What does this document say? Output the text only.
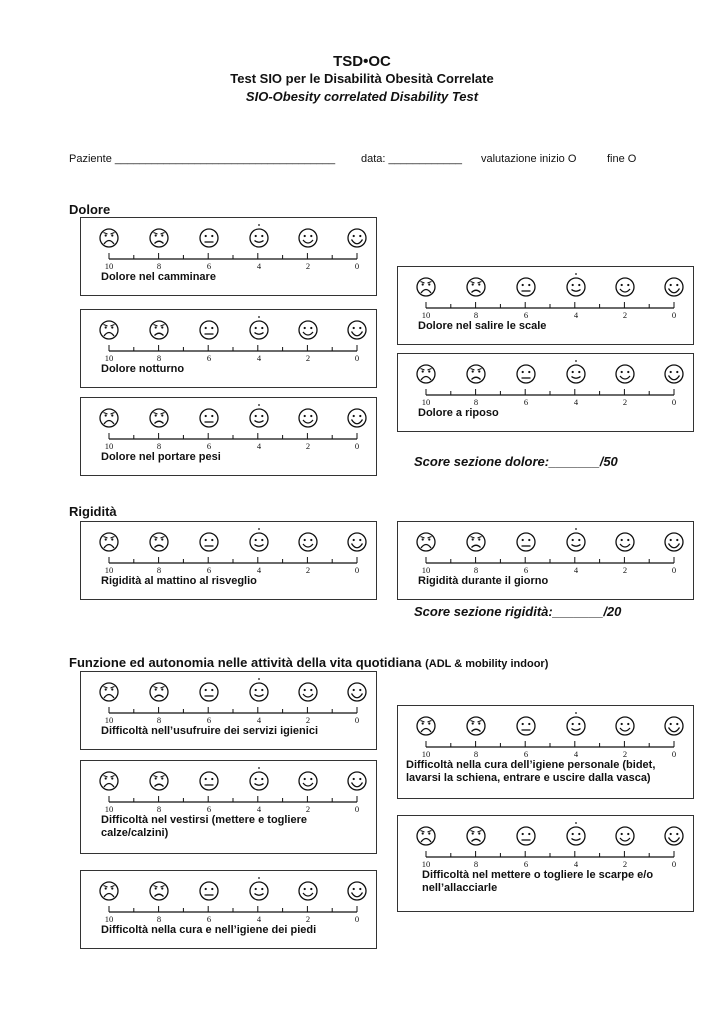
TSD•OC
Test SIO per le Disabilità Obesità Correlate
SIO-Obesity correlated Disability Test
Paziente ____________________________________ data: ____________ valutazione inizio O	fine O
Dolore
10	8	6	4	2	0
Dolore nel camminare
10	8	6	4	2	0
Dolore nel salire le scale
10	8	6	4	2	0
Dolore notturno
10	8	6	4	2	0
Dolore a riposo
10	8	6	4	2	0
Dolore nel portare pesi	Score sezione dolore:_______/50
Rigidità
10	8	6	4	2	0
Rigidità al mattino al risveglio
10	8	6	4	2	0
Rigidità durante il giorno
Score sezione rigidità:_______/20
Funzione ed autonomia nelle attività della vita quotidiana (ADL & mobility indoor)
10	8	6	4	2	0
Difficoltà nell’usufruire dei servizi igienici
10	8	6	4	2	0
Difficoltà nella cura dell’igiene personale (bidet, lavarsi la schiena, entrare e uscire dalla vasca)
10	8	6	4	2	0
Difficoltà nel vestirsi (mettere e togliere calze/calzini)
10	8	6	4	2	0
Difficoltà nel mettere o togliere le scarpe e/o nell’allacciarle
10	8	6	4	2	0
Difficoltà nella cura e nell’igiene dei piedi
